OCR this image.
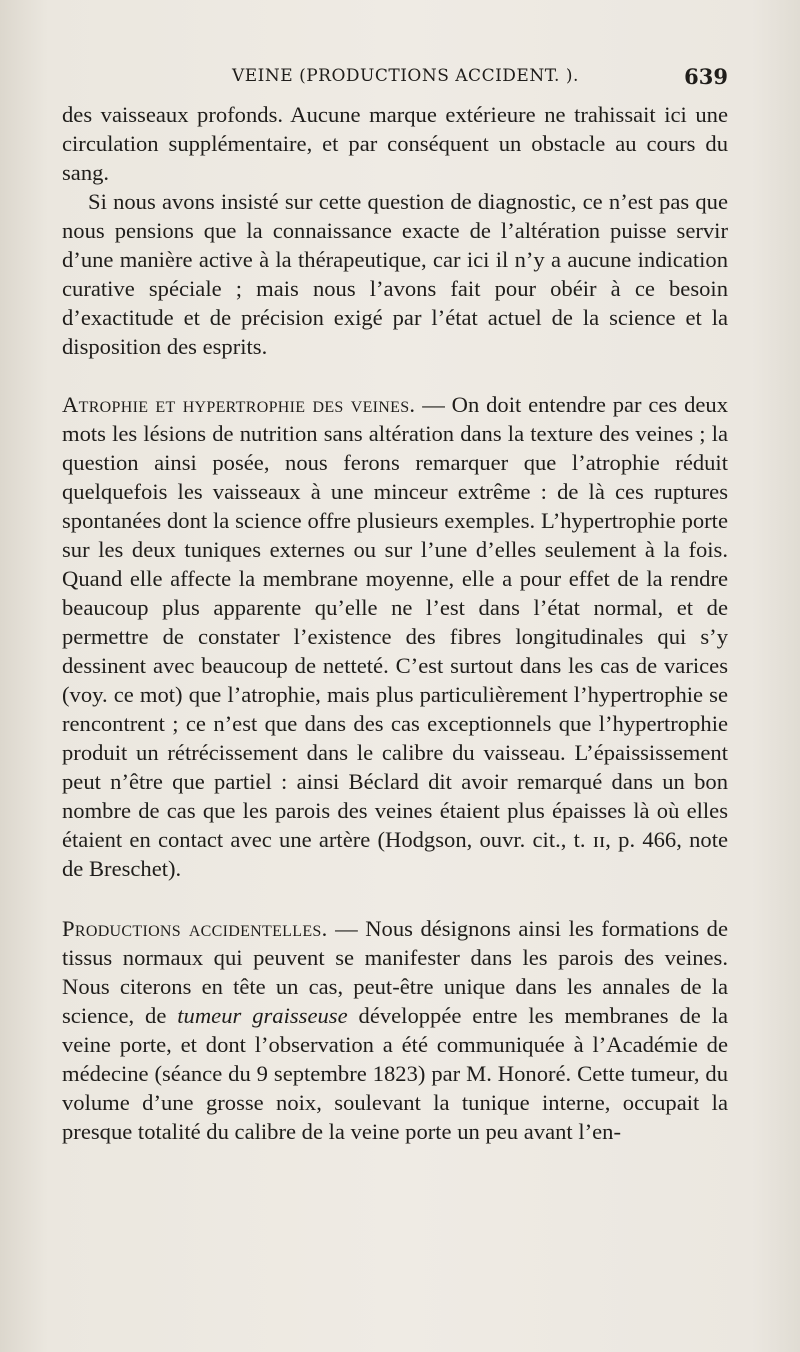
VEINE (PRODUCTIONS ACCIDENT. ).	639

des vaisseaux profonds. Aucune marque extérieure ne trahissait ici une circulation supplémentaire, et par conséquent un obstacle au cours du sang.

Si nous avons insisté sur cette question de diagnostic, ce n’est pas que nous pensions que la connaissance exacte de l’altération puisse servir d’une manière active à la thérapeutique, car ici il n’y a aucune indication curative spéciale ; mais nous l’avons fait pour obéir à ce besoin d’exactitude et de précision exigé par l’état actuel de la science et la disposition des esprits.

Atrophie et hypertrophie des veines. — On doit entendre par ces deux mots les lésions de nutrition sans altération dans la texture des veines ; la question ainsi posée, nous ferons remarquer que l’atrophie réduit quelquefois les vaisseaux à une minceur extrême : de là ces ruptures spontanées dont la science offre plusieurs exemples. L’hypertrophie porte sur les deux tuniques externes ou sur l’une d’elles seulement à la fois. Quand elle affecte la membrane moyenne, elle a pour effet de la rendre beaucoup plus apparente qu’elle ne l’est dans l’état normal, et de permettre de constater l’existence des fibres longitudinales qui s’y dessinent avec beaucoup de netteté. C’est surtout dans les cas de varices (voy. ce mot) que l’atrophie, mais plus particulièrement l’hypertrophie se rencontrent ; ce n’est que dans des cas exceptionnels que l’hypertrophie produit un rétrécissement dans le calibre du vaisseau. L’épaississement peut n’être que partiel : ainsi Béclard dit avoir remarqué dans un bon nombre de cas que les parois des veines étaient plus épaisses là où elles étaient en contact avec une artère (Hodgson, ouvr. cit., t. ɪɪ, p. 466, note de Breschet).

Productions accidentelles. — Nous désignons ainsi les formations de tissus normaux qui peuvent se manifester dans les parois des veines. Nous citerons en tête un cas, peut-être unique dans les annales de la science, de tumeur graisseuse développée entre les membranes de la veine porte, et dont l’observation a été communiquée à l’Académie de médecine (séance du 9 septembre 1823) par M. Honoré. Cette tumeur, du volume d’une grosse noix, soulevant la tunique interne, occupait la presque totalité du calibre de la veine porte un peu avant l’en-
